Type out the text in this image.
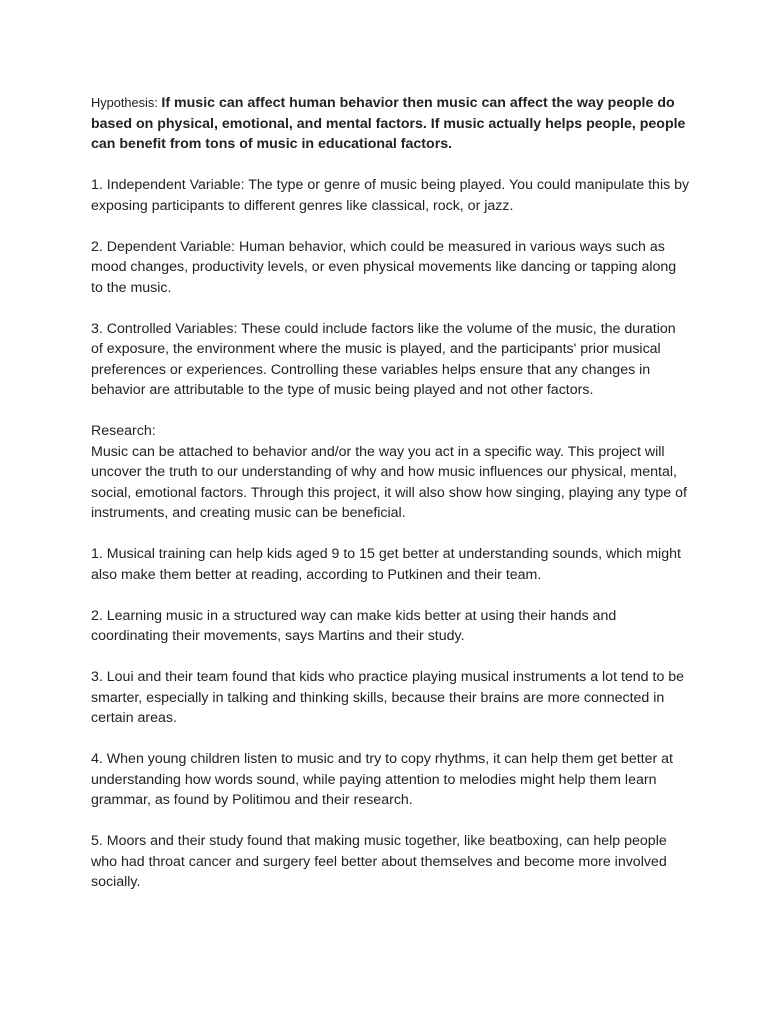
Hypothesis: If music can affect human behavior then music can affect the way people do based on physical, emotional, and mental factors. If music actually helps people, people can benefit from tons of music in educational factors.

1. Independent Variable: The type or genre of music being played. You could manipulate this by exposing participants to different genres like classical, rock, or jazz.

2. Dependent Variable: Human behavior, which could be measured in various ways such as mood changes, productivity levels, or even physical movements like dancing or tapping along to the music.

3. Controlled Variables: These could include factors like the volume of the music, the duration of exposure, the environment where the music is played, and the participants' prior musical preferences or experiences. Controlling these variables helps ensure that any changes in behavior are attributable to the type of music being played and not other factors.

Research:
Music can be attached to behavior and/or the way you act in a specific way. This project will uncover the truth to our understanding of why and how music influences our physical, mental, social, emotional factors. Through this project, it will also show how singing, playing any type of instruments, and creating music can be beneficial.

1. Musical training can help kids aged 9 to 15 get better at understanding sounds, which might also make them better at reading, according to Putkinen and their team.

2. Learning music in a structured way can make kids better at using their hands and coordinating their movements, says Martins and their study.

3. Loui and their team found that kids who practice playing musical instruments a lot tend to be smarter, especially in talking and thinking skills, because their brains are more connected in certain areas.

4. When young children listen to music and try to copy rhythms, it can help them get better at understanding how words sound, while paying attention to melodies might help them learn grammar, as found by Politimou and their research.

5. Moors and their study found that making music together, like beatboxing, can help people who had throat cancer and surgery feel better about themselves and become more involved socially.
